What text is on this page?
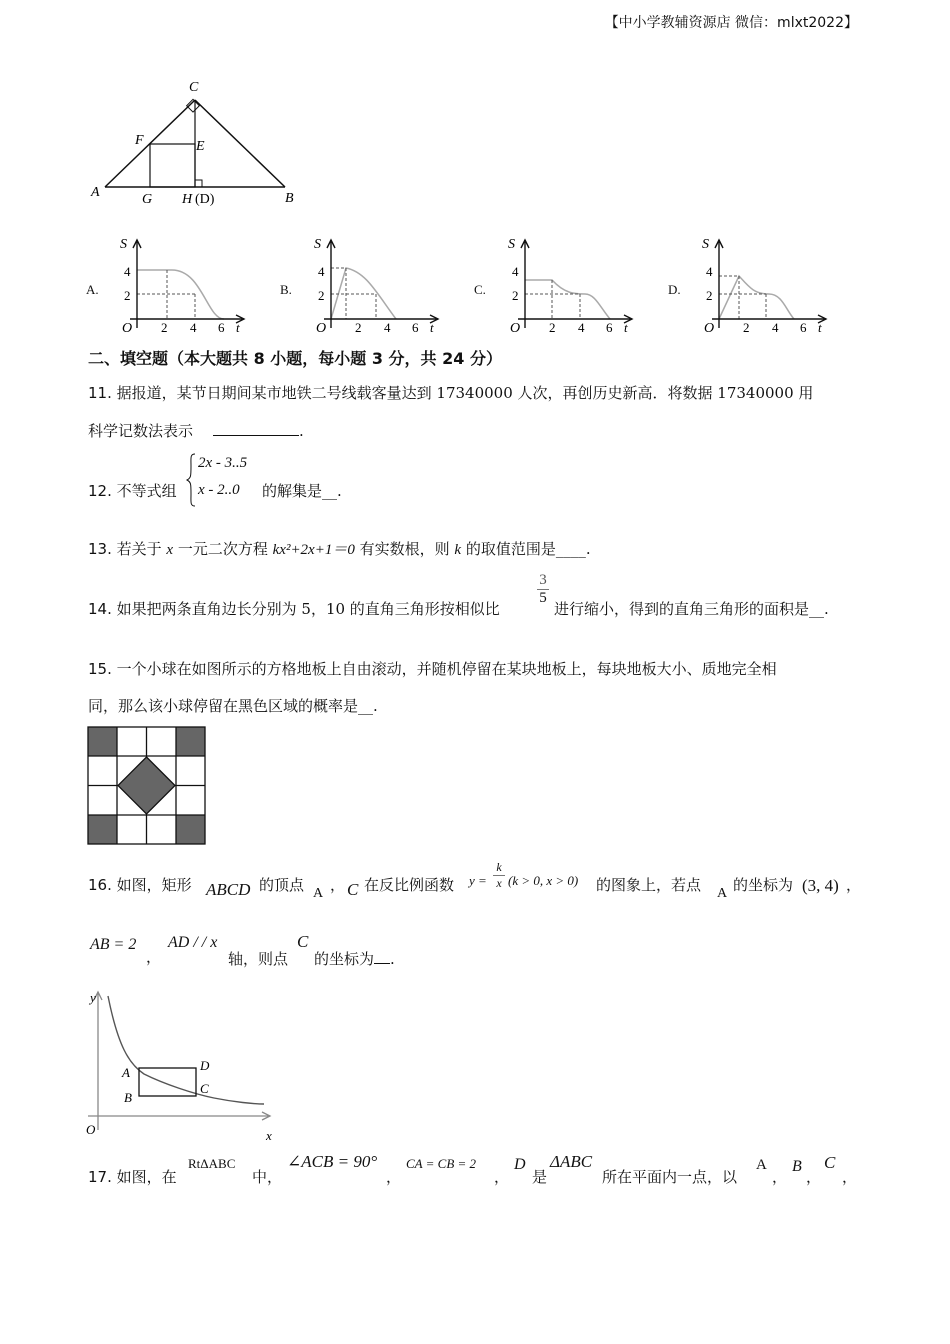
【中小学教辅资源店 微信：mlxt2022】
C
F	E
A	G H (D)	B
A.
S
t
O
4
2
2 4 6
B.
S
t
O
4
2
2 4 6
C.
S
t
O
4
2
2 4 6
D.
S
t
O
4
2
2 4 6
二、填空题（本大题共 8 小题，每小题 3 分，共 24 分）
11. 据报道，某节日期间某市地铁二号线载客量达到 17340000 人次，再创历史新高．将数据 17340000 用
科学记数法表示	.
12. 不等式组
2x - 3..5
x - 2..0 的解集是__.
13. 若关于 x 一元二次方程 kx²+2x+1＝0 有实数根，则 k 的取值范围是____.
14. 如果把两条直角边长分别为 5，10 的直角三角形按相似比
3
5
进行缩小，得到的直角三角形的面积是__.
15. 一个小球在如图所示的方格地板上自由滚动，并随机停留在某块地板上，每块地板大小、质地完全相
同，那么该小球停留在黑色区域的概率是__.
16. 如图，矩形 ABCD 的顶点 A ， C 在反比例函数 y =
k
x (k > 0, x > 0) 的图象上，若点 A 的坐标为 (3, 4) ，
AB = 2
，
AD / / x
轴，则点
C
的坐标为 .
y
x
O
A
B
C
D
17. 如图，在
RtΔABC
中，
∠ACB = 90°
，
CA = CB = 2
，
D
是
ΔABC
所在平面内一点，以
A
，
B
，
C
，
